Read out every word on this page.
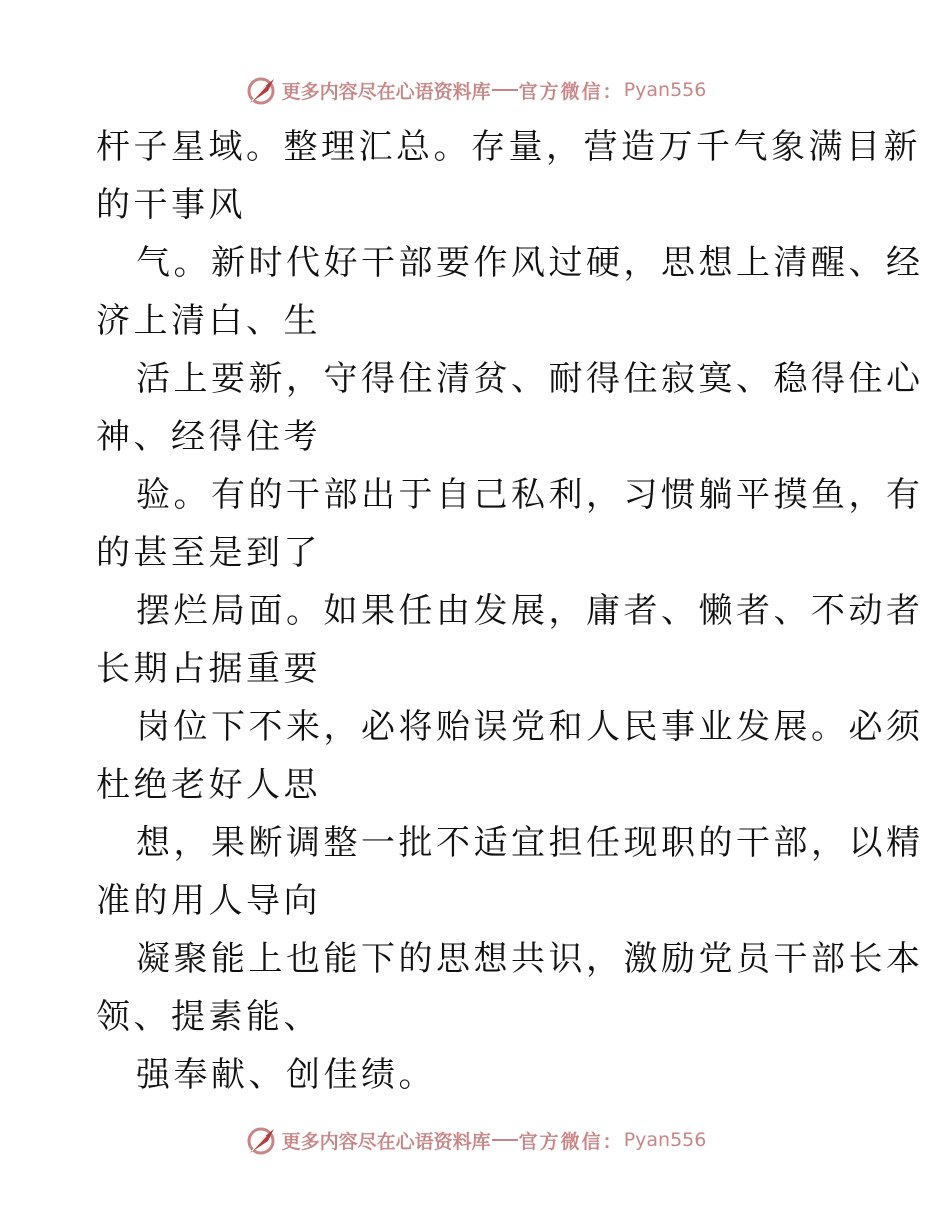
更多内容尽在心语资料库 官方微信： Pyan556
杆子星域。整理汇总。存量，营造万千气象满目新
的干事风
气。新时代好干部要作风过硬，思想上清醒、经
济上清白、生
活上要新，守得住清贫、耐得住寂寞、稳得住心
神、经得住考
验。有的干部出于自己私利，习惯躺平摸鱼，有
的甚至是到了
摆烂局面。如果任由发展，庸者、懒者、不动者
长期占据重要
岗位下不来，必将贻误党和人民事业发展。必须
杜绝老好人思
想，果断调整一批不适宜担任现职的干部，以精
准的用人导向
凝聚能上也能下的思想共识，激励党员干部长本
领、提素能、
强奉献、创佳绩。
更多内容尽在心语资料库 官方微信： Pyan556
